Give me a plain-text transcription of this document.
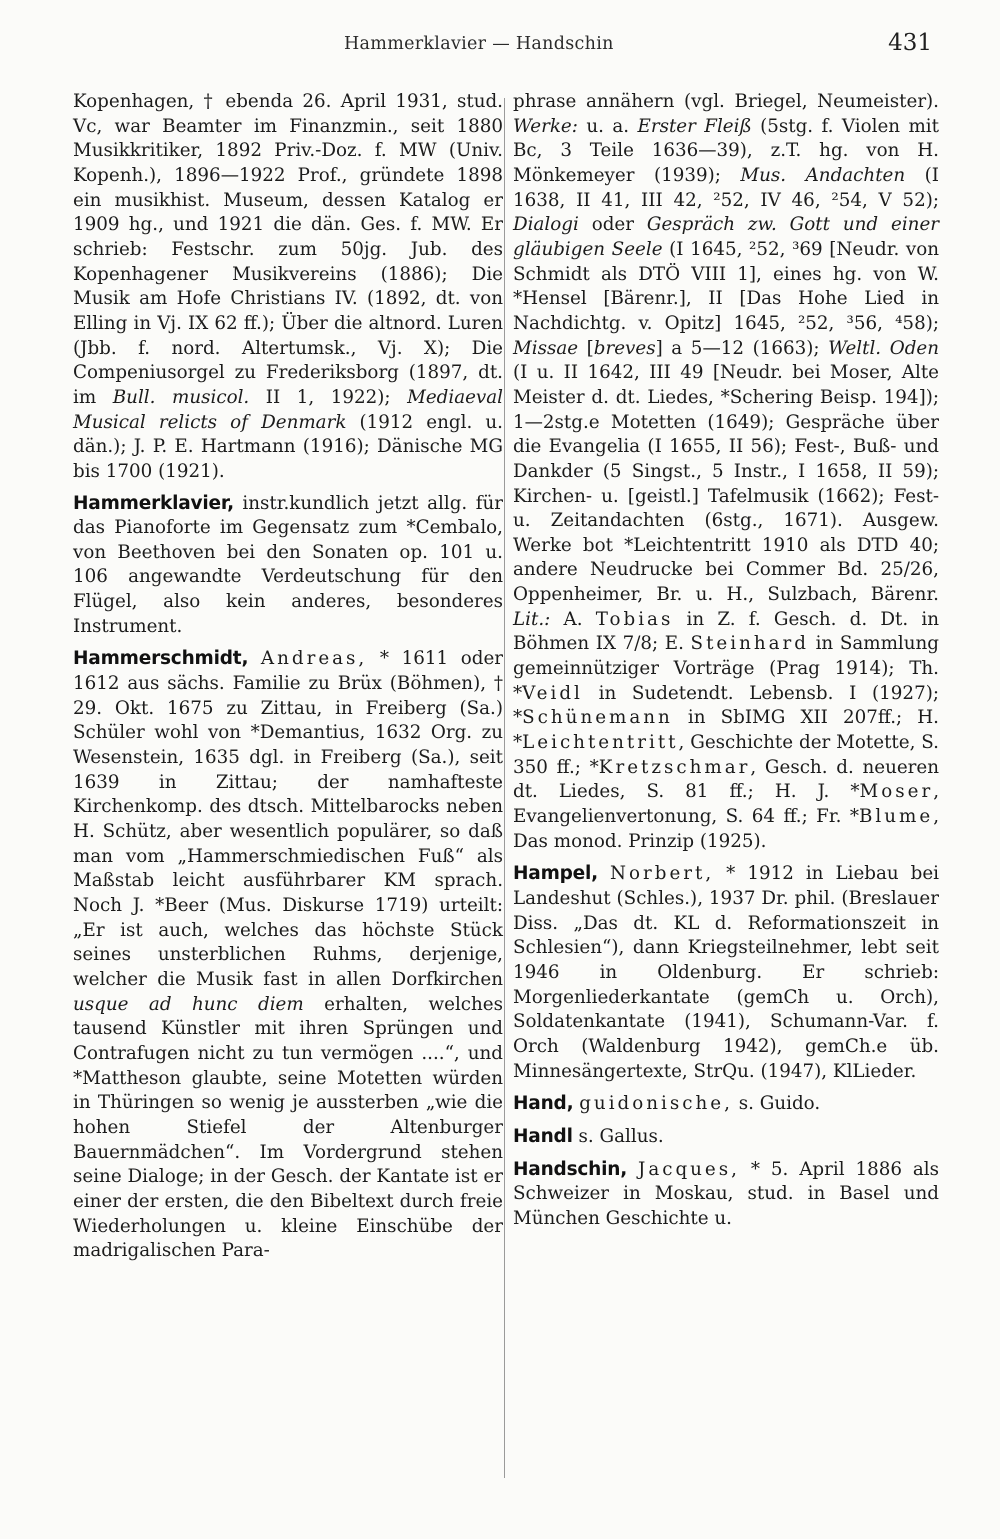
Hammerklavier — Handschin	431

Kopenhagen, † ebenda 26. April 1931, stud. Vc, war Beamter im Finanzmin., seit 1880 Musikkritiker, 1892 Priv.-Doz. f. MW (Univ. Kopenh.), 1896—1922 Prof., gründete 1898 ein musikhist. Museum, dessen Katalog er 1909 hg., und 1921 die dän. Ges. f. MW. Er schrieb: Festschr. zum 50jg. Jub. des Kopenhagener Musikvereins (1886); Die Musik am Hofe Christians IV. (1892, dt. von Elling in Vj. IX 62 ff.); Über die altnord. Luren (Jbb. f. nord. Altertumsk., Vj. X); Die Compeniusorgel zu Frederiksborg (1897, dt. im Bull. musicol. II 1, 1922); Mediaeval Musical relicts of Denmark (1912 engl. u. dän.); J. P. E. Hartmann (1916); Dänische MG bis 1700 (1921).

Hammerklavier, instr.kundlich jetzt allg. für das Pianoforte im Gegensatz zum *Cembalo, von Beethoven bei den Sonaten op. 101 u. 106 angewandte Verdeutschung für den Flügel, also kein anderes, besonderes Instrument.

Hammerschmidt, Andreas, * 1611 oder 1612 aus sächs. Familie zu Brüx (Böhmen), † 29. Okt. 1675 zu Zittau, in Freiberg (Sa.) Schüler wohl von *Demantius, 1632 Org. zu Wesenstein, 1635 dgl. in Freiberg (Sa.), seit 1639 in Zittau; der namhafteste Kirchenkomp. des dtsch. Mittelbarocks neben H. Schütz, aber wesentlich populärer, so daß man vom „Hammerschmiedischen Fuß“ als Maßstab leicht ausführbarer KM sprach. Noch J. *Beer (Mus. Diskurse 1719) urteilt: „Er ist auch, welches das höchste Stück seines unsterblichen Ruhms, derjenige, welcher die Musik fast in allen Dorfkirchen usque ad hunc diem erhalten, welches tausend Künstler mit ihren Sprüngen und Contrafugen nicht zu tun vermögen ....“, und *Mattheson glaubte, seine Motetten würden in Thüringen so wenig je aussterben „wie die hohen Stiefel der Altenburger Bauernmädchen“. Im Vordergrund stehen seine Dialoge; in der Gesch. der Kantate ist er einer der ersten, die den Bibeltext durch freie Wiederholungen u. kleine Einschübe der madrigalischen Para-

phrase annähern (vgl. Briegel, Neumeister). Werke: u. a. Erster Fleiß (5stg. f. Violen mit Bc, 3 Teile 1636—39), z.T. hg. von H. Mönkemeyer (1939); Mus. Andachten (I 1638, II 41, III 42, ²52, IV 46, ²54, V 52); Dialogi oder Gespräch zw. Gott und einer gläubigen Seele (I 1645, ²52, ³69 [Neudr. von Schmidt als DTÖ VIII 1], eines hg. von W. *Hensel [Bärenr.], II [Das Hohe Lied in Nachdichtg. v. Opitz] 1645, ²52, ³56, ⁴58); Missae [breves] a 5—12 (1663); Weltl. Oden (I u. II 1642, III 49 [Neudr. bei Moser, Alte Meister d. dt. Liedes, *Schering Beisp. 194]); 1—2stg.e Motetten (1649); Gespräche über die Evangelia (I 1655, II 56); Fest-, Buß- und Dankder (5 Singst., 5 Instr., I 1658, II 59); Kirchen- u. [geistl.] Tafelmusik (1662); Fest- u. Zeitandachten (6stg., 1671). Ausgew. Werke bot *Leichtentritt 1910 als DTD 40; andere Neudrucke bei Commer Bd. 25/26, Oppenheimer, Br. u. H., Sulzbach, Bärenr. Lit.: A. Tobias in Z. f. Gesch. d. Dt. in Böhmen IX 7/8; E. Steinhard in Sammlung gemeinnütziger Vorträge (Prag 1914); Th. *Veidl in Sudetendt. Lebensb. I (1927); *Schünemann in SbIMG XII 207ff.; H. *Leichtentritt, Geschichte der Motette, S. 350 ff.; *Kretzschmar, Gesch. d. neueren dt. Liedes, S. 81 ff.; H. J. *Moser, Evangelienvertonung, S. 64 ff.; Fr. *Blume, Das monod. Prinzip (1925).

Hampel, Norbert, * 1912 in Liebau bei Landeshut (Schles.), 1937 Dr. phil. (Breslauer Diss. „Das dt. KL d. Reformationszeit in Schlesien“), dann Kriegsteilnehmer, lebt seit 1946 in Oldenburg. Er schrieb: Morgenliederkantate (gemCh u. Orch), Soldatenkantate (1941), Schumann-Var. f. Orch (Waldenburg 1942), gemCh.e üb. Minnesängertexte, StrQu. (1947), KlLieder.

Hand, guidonische, s. Guido.

Handl s. Gallus.

Handschin, Jacques, * 5. April 1886 als Schweizer in Moskau, stud. in Basel und München Geschichte u.
